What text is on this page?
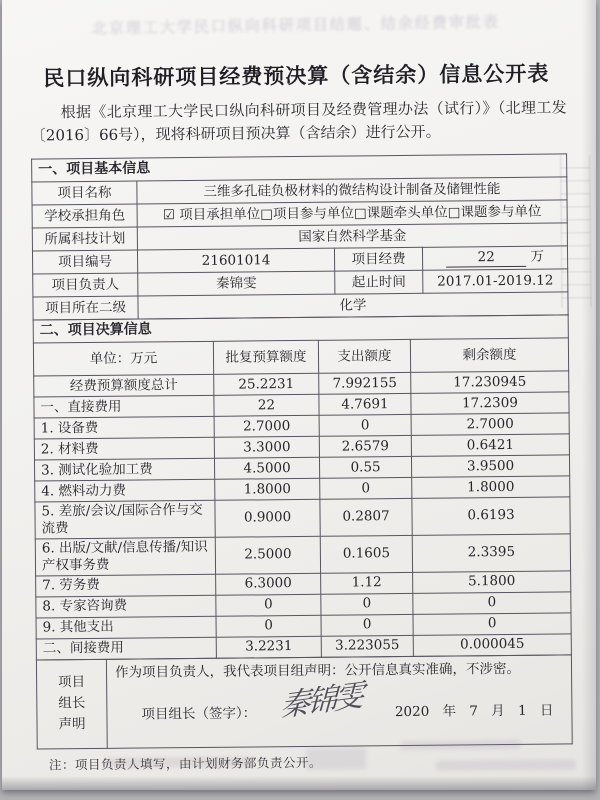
北京理工大学民口纵向科研项目结题、结余经费审批表
民口纵向科研项目经费预决算（含结余）信息公开表
根据《北京理工大学民口纵向科研项目及经费管理办法（试行）》（北理工发〔2016〕66号），现将科研项目预决算（含结余）进行公开。
一、项目基本信息			
项目名称	三维多孔硅负极材料的微结构设计制备及储锂性能		
学校承担角色	☑ 项目承担单位□项目参与单位□课题牵头单位□课题参与单位		
所属科技计划	国家自然科学基金		
项目编号	21601014	项目经费	22 万
项目负责人	秦锦雯	起止时间	2017.01-2019.12
项目所在二级	化学		
二、项目决算信息			
单位：万元	批复预算额度	支出额度	剩余额度
经费预算额度总计	25.2231	7.992155	17.230945
一、直接费用	22	4.7691	17.2309
1. 设备费	2.7000	0	2.7000
2. 材料费	3.3000	2.6579	0.6421
3. 测试化验加工费	4.5000	0.55	3.9500
4. 燃料动力费	1.8000	0	1.8000
5. 差旅/会议/国际合作与交流费	0.9000	0.2807	0.6193
6. 出版/文献/信息传播/知识产权事务费	2.5000	0.1605	2.3395
7. 劳务费	6.3000	1.12	5.1800
8. 专家咨询费	0	0	0
9. 其他支出	0	0	0
二、间接费用	3.2231	3.223055	0.000045
项目
组长
声明

作为项目负责人，我代表项目组声明：公开信息真实准确，不涉密。
项目组长（签字）： 秦锦雯 2020 年 7 月 1 日
注：项目负责人填写，由计划财务部负责公开。
